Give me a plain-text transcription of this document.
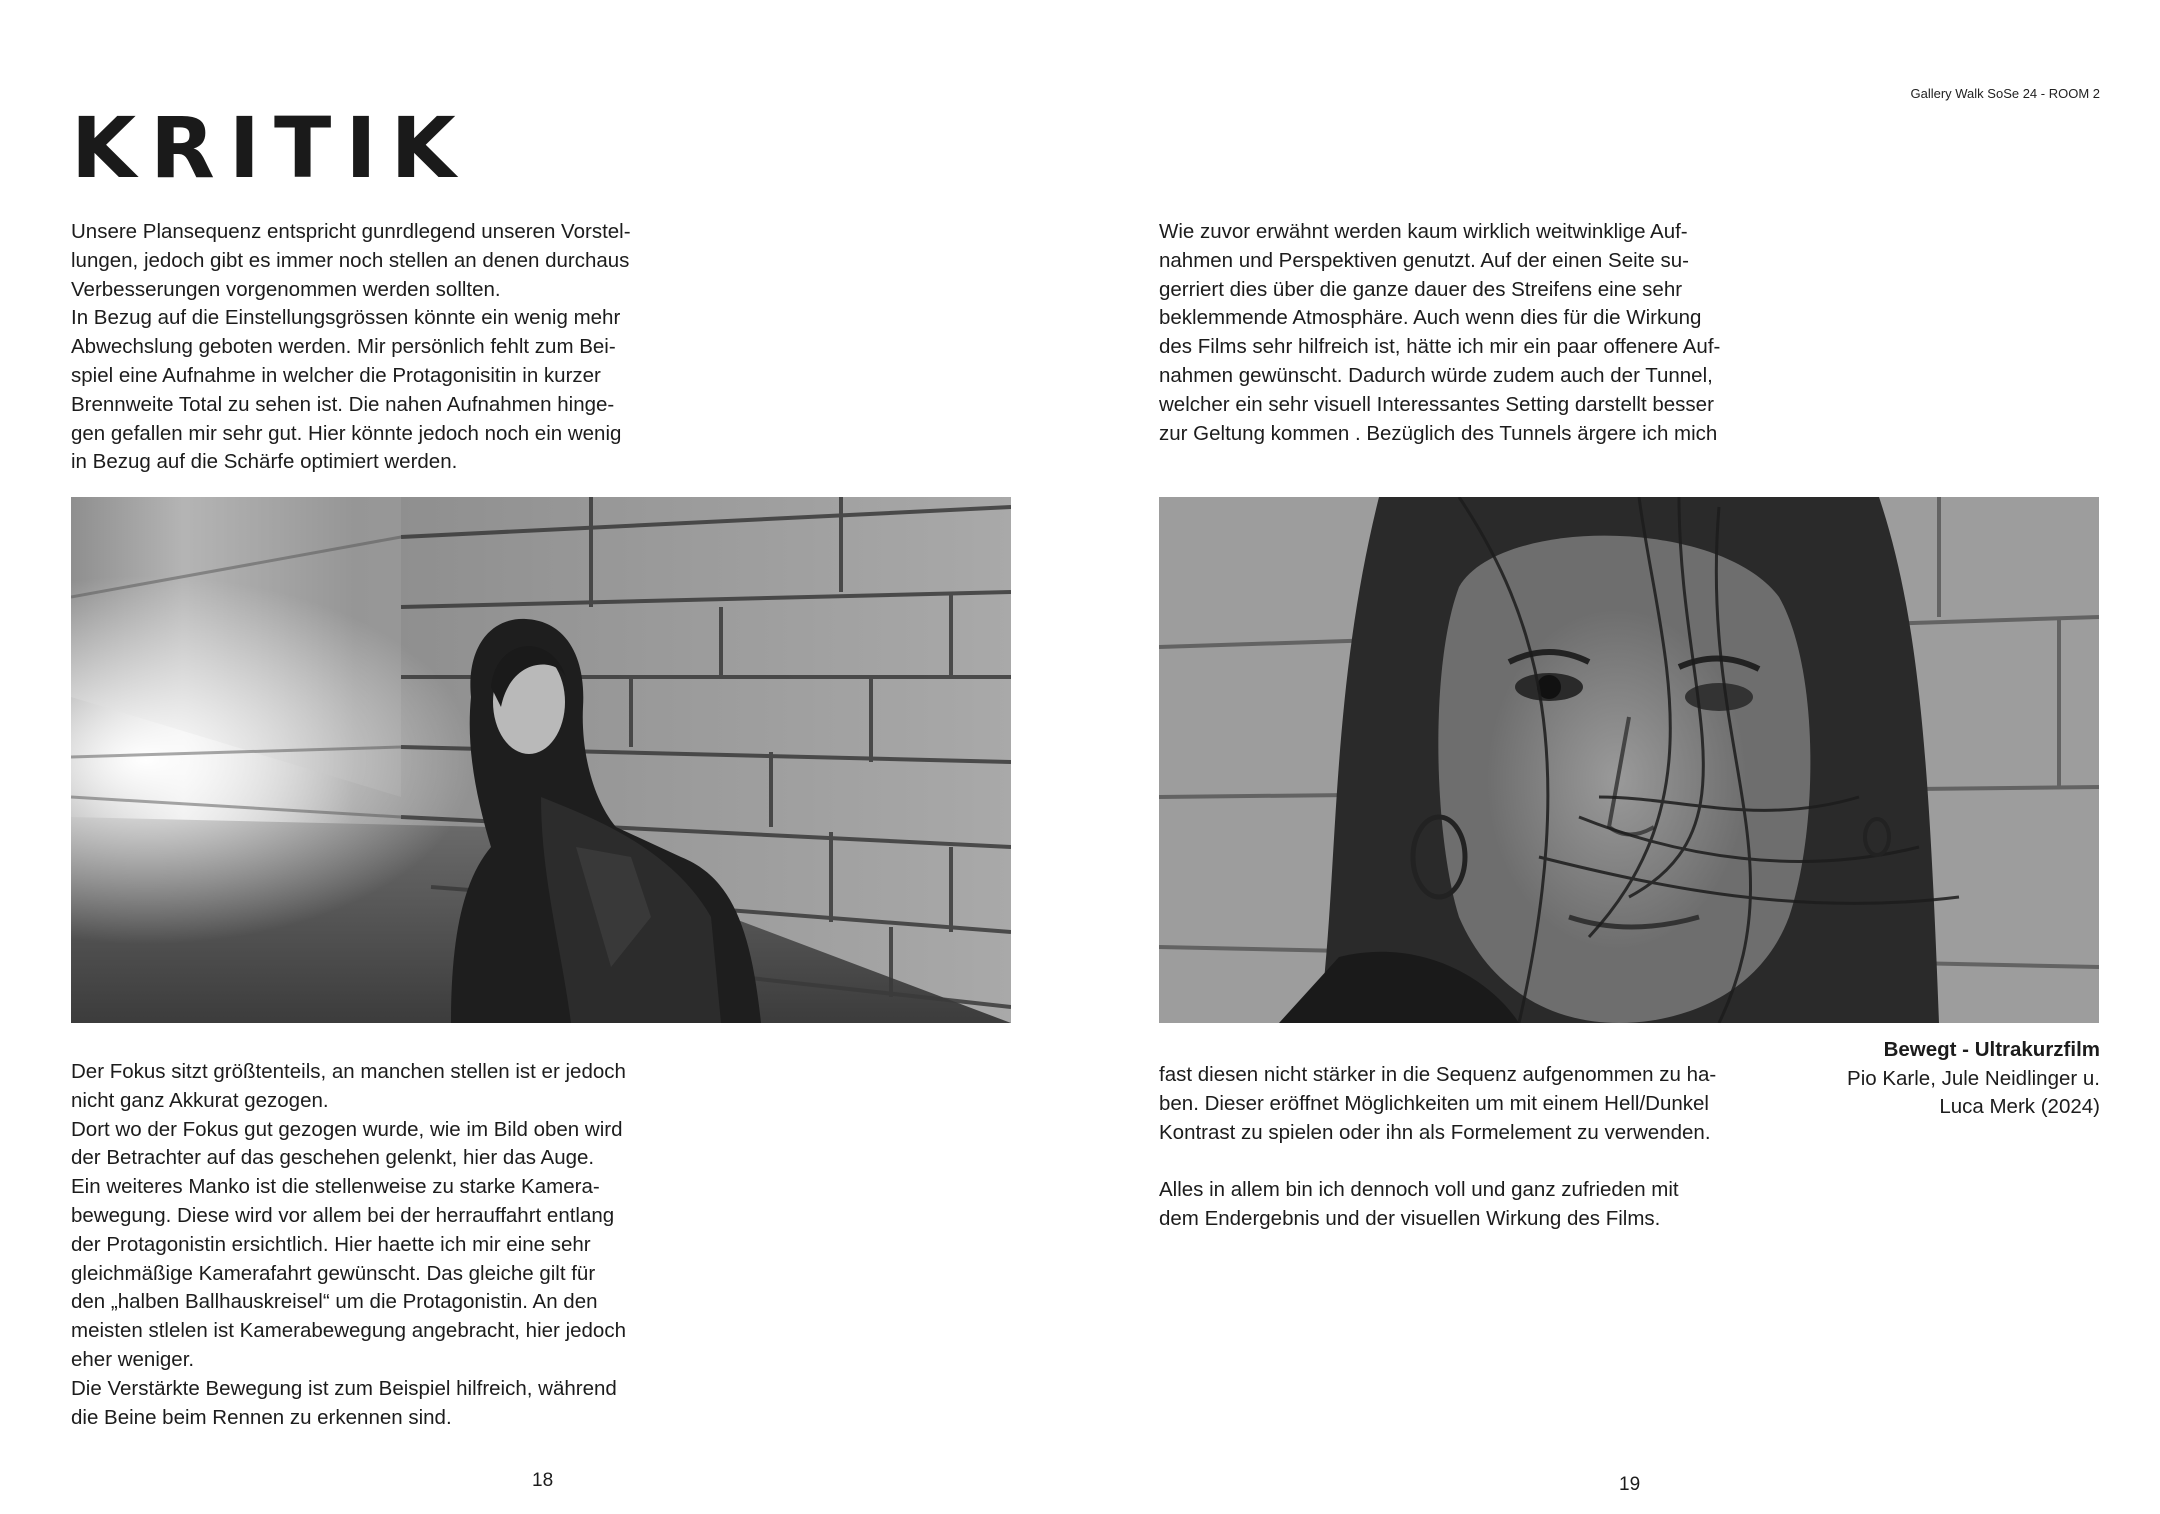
Gallery Walk SoSe 24 - ROOM 2
KRITIK
Unsere Plansequenz entspricht gunrdlegend unseren Vorstel-
lungen, jedoch gibt es immer noch stellen an denen durchaus
Verbesserungen vorgenommen werden sollten.
In Bezug auf die Einstellungsgrössen könnte ein wenig mehr
Abwechslung geboten werden. Mir persönlich fehlt zum Bei-
spiel eine Aufnahme in welcher die Protagonisitin in kurzer
Brennweite Total zu sehen ist. Die nahen Aufnahmen hinge-
gen gefallen mir sehr gut. Hier könnte jedoch noch ein wenig
in Bezug auf die Schärfe optimiert werden.
Der Fokus sitzt größtenteils, an manchen stellen ist er jedoch
nicht ganz Akkurat gezogen.
Dort wo der Fokus gut gezogen wurde, wie im Bild oben wird
der Betrachter auf das geschehen gelenkt, hier das Auge.
Ein weiteres Manko ist die stellenweise zu starke Kamera-
bewegung. Diese wird vor allem bei der herrauffahrt entlang
der Protagonistin ersichtlich. Hier haette ich mir eine sehr
gleichmäßige Kamerafahrt gewünscht. Das gleiche gilt für
den „halben Ballhauskreisel“ um die Protagonistin. An den
meisten stlelen ist Kamerabewegung angebracht, hier jedoch
eher weniger.
Die Verstärkte Bewegung ist zum Beispiel hilfreich, während
die Beine beim Rennen zu erkennen sind.
18
Wie zuvor erwähnt werden kaum wirklich weitwinklige Auf-
nahmen und Perspektiven genutzt. Auf der einen Seite su-
gerriert dies über die ganze dauer des Streifens eine sehr
beklemmende Atmosphäre. Auch wenn dies für die Wirkung
des Films sehr hilfreich ist, hätte ich mir ein paar offenere Auf-
nahmen gewünscht. Dadurch würde zudem auch der Tunnel,
welcher ein sehr visuell Interessantes Setting darstellt besser
zur Geltung kommen . Bezüglich des Tunnels ärgere ich mich
fast diesen nicht stärker in die Sequenz aufgenommen zu ha-
ben. Dieser eröffnet Möglichkeiten um mit einem Hell/Dunkel
Kontrast zu spielen oder ihn als Formelement zu verwenden.
Alles in allem bin ich dennoch voll und ganz zufrieden mit
dem Endergebnis und der visuellen Wirkung des Films.
Bewegt - Ultrakurzfilm
Pio Karle, Jule Neidlinger u.
Luca Merk (2024)
19
